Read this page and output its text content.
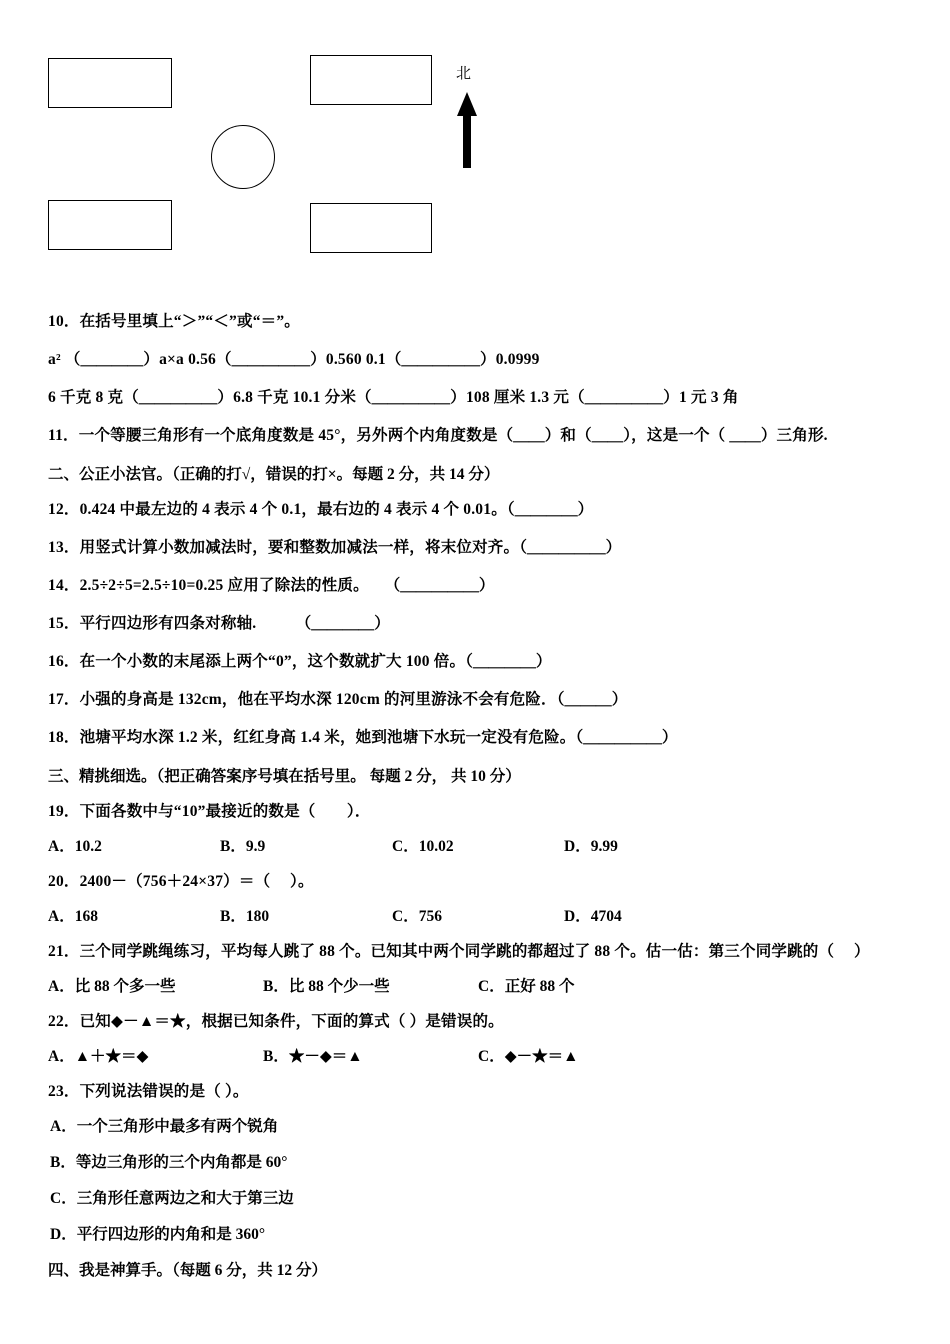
北

10．在括号里填上“＞”“＜”或“＝”。

a² （＿＿＿＿）a×a 0.56（＿＿＿＿＿）0.560 0.1（＿＿＿＿＿）0.0999

6 千克 8 克（＿＿＿＿＿）6.8 千克 10.1 分米（＿＿＿＿＿）108 厘米 1.3 元（＿＿＿＿＿）1 元 3 角

11．一个等腰三角形有一个底角度数是 45°，另外两个内角度数是（＿＿）和（＿＿），这是一个（ ＿＿）三角形.

二、公正小法官。（正确的打√，错误的打×。每题 2 分，共 14 分）

12．0.424 中最左边的 4 表示 4 个 0.1，最右边的 4 表示 4 个 0.01。（＿＿＿＿）

13．用竖式计算小数加减法时，要和整数加减法一样，将末位对齐。（＿＿＿＿＿）

14．2.5÷2÷5=2.5÷10=0.25 应用了除法的性质。　　（＿＿＿＿＿）

15．平行四边形有四条对称轴.　　　（＿＿＿＿）

16．在一个小数的末尾添上两个“0”，这个数就扩大 100 倍。（＿＿＿＿）

17．小强的身高是 132cm，他在平均水深 120cm 的河里游泳不会有危险．（＿＿＿）

18．池塘平均水深 1.2 米，红红身高 1.4 米，她到池塘下水玩一定没有危险。（＿＿＿＿＿）

三、精挑细选。（把正确答案序号填在括号里。 每题 2 分， 共 10 分）

19．下面各数中与“10”最接近的数是（　　）．

A．10.2	B．9.9	C．10.02	D．9.99

20．2400－（756＋24×37）＝（ 　）。

A．168	B．180	C．756	D．4704

21．三个同学跳绳练习，平均每人跳了 88 个。已知其中两个同学跳的都超过了 88 个。估一估：第三个同学跳的（ 　）

A．比 88 个多一些	B．比 88 个少一些	C．正好 88 个

22．已知◆－▲＝★，根据已知条件，下面的算式（ ）是错误的。

A．▲＋★＝◆	B．★－◆＝▲	C．◆－★＝▲

23．下列说法错误的是（ ）。

A．一个三角形中最多有两个锐角

B．等边三角形的三个内角都是 60°

C．三角形任意两边之和大于第三边

D．平行四边形的内角和是 360°

四、我是神算手。（每题 6 分，共 12 分）
